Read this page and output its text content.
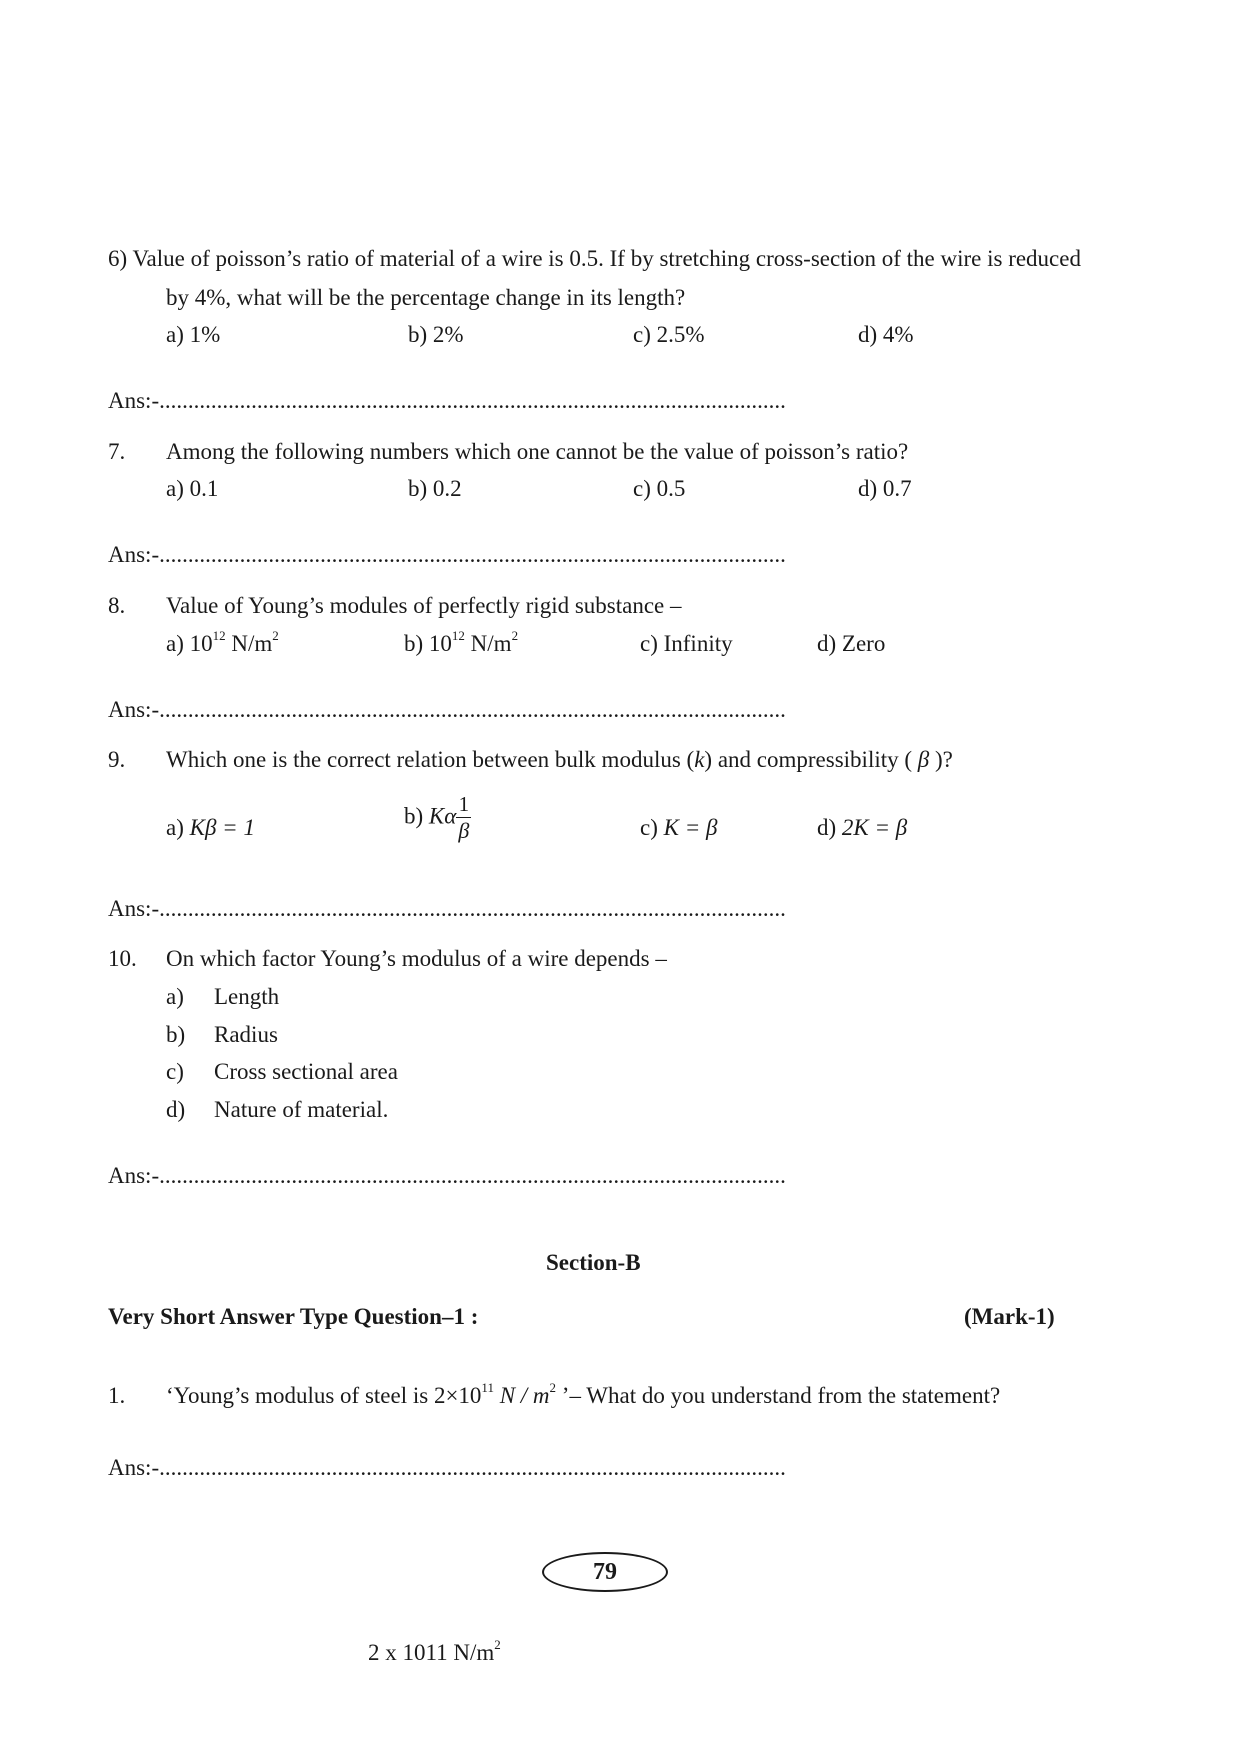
6) Value of poisson’s ratio of material of a wire is 0.5. If by stretching cross-section of the wire is reduced
by 4%, what will be the percentage change in its length?
a) 1%	b) 2%	c) 2.5%	d) 4%
Ans:-.............................................................................................................
7. Among the following numbers which one cannot be the value of poisson’s ratio?
a) 0.1	b) 0.2	c) 0.5	d) 0.7
Ans:-.............................................................................................................
8. Value of Young’s modules of perfectly rigid substance –
a) $10^{12}$ $N/m^2$	b) $10^{12}$ $N/m^2$	c) Infinity	d) Zero
Ans:-.............................................................................................................
9. Which one is the correct relation between bulk modulus (k) and compressibility ( β )?
a) Kβ = 1	b) Kα $\frac{1}{\beta}$	c) K = β	d) 2K = β
Ans:-.............................................................................................................
10. On which factor Young’s modulus of a wire depends –
a) Length
b) Radius
c) Cross sectional area
d) Nature of material.
Ans:-.............................................................................................................
Section-B
Very Short Answer Type Question–1 :	(Mark-1)
1. ‘Young’s modulus of steel is $2\times 10^{11}$ N / $m^2$ ’– What do you understand from the statement?
Ans:-.............................................................................................................
79
2 x 1011 $N/m^2$
